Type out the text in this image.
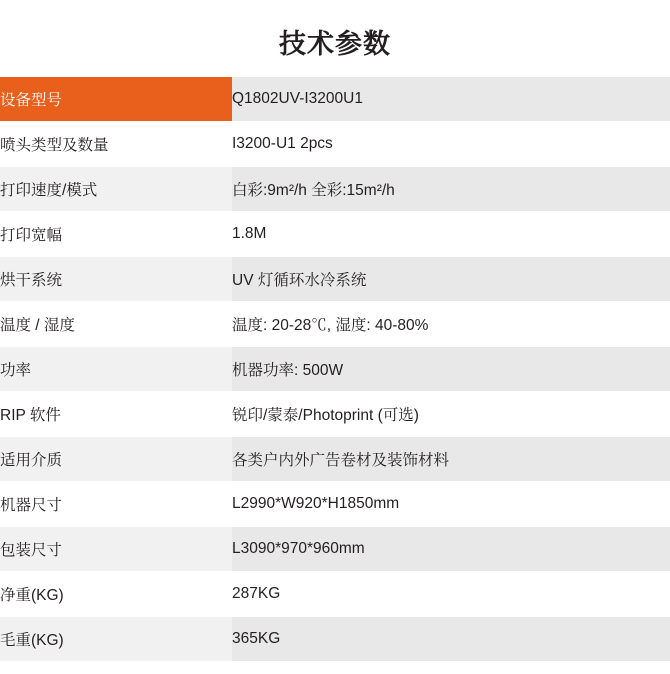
技术参数
设备型号	Q1802UV-I3200U1
喷头类型及数量	I3200-U1 2pcs
打印速度/模式	白彩:9m²/h 全彩:15m²/h
打印宽幅	1.8M
烘干系统	UV 灯循环水冷系统
温度 / 湿度	温度: 20-28℃, 湿度: 40-80%
功率	机器功率: 500W
RIP 软件	锐印/蒙泰/Photoprint (可选)
适用介质	各类户内外广告卷材及装饰材料
机器尺寸	L2990*W920*H1850mm
包装尺寸	L3090*970*960mm
净重(KG)	287KG
毛重(KG)	365KG
